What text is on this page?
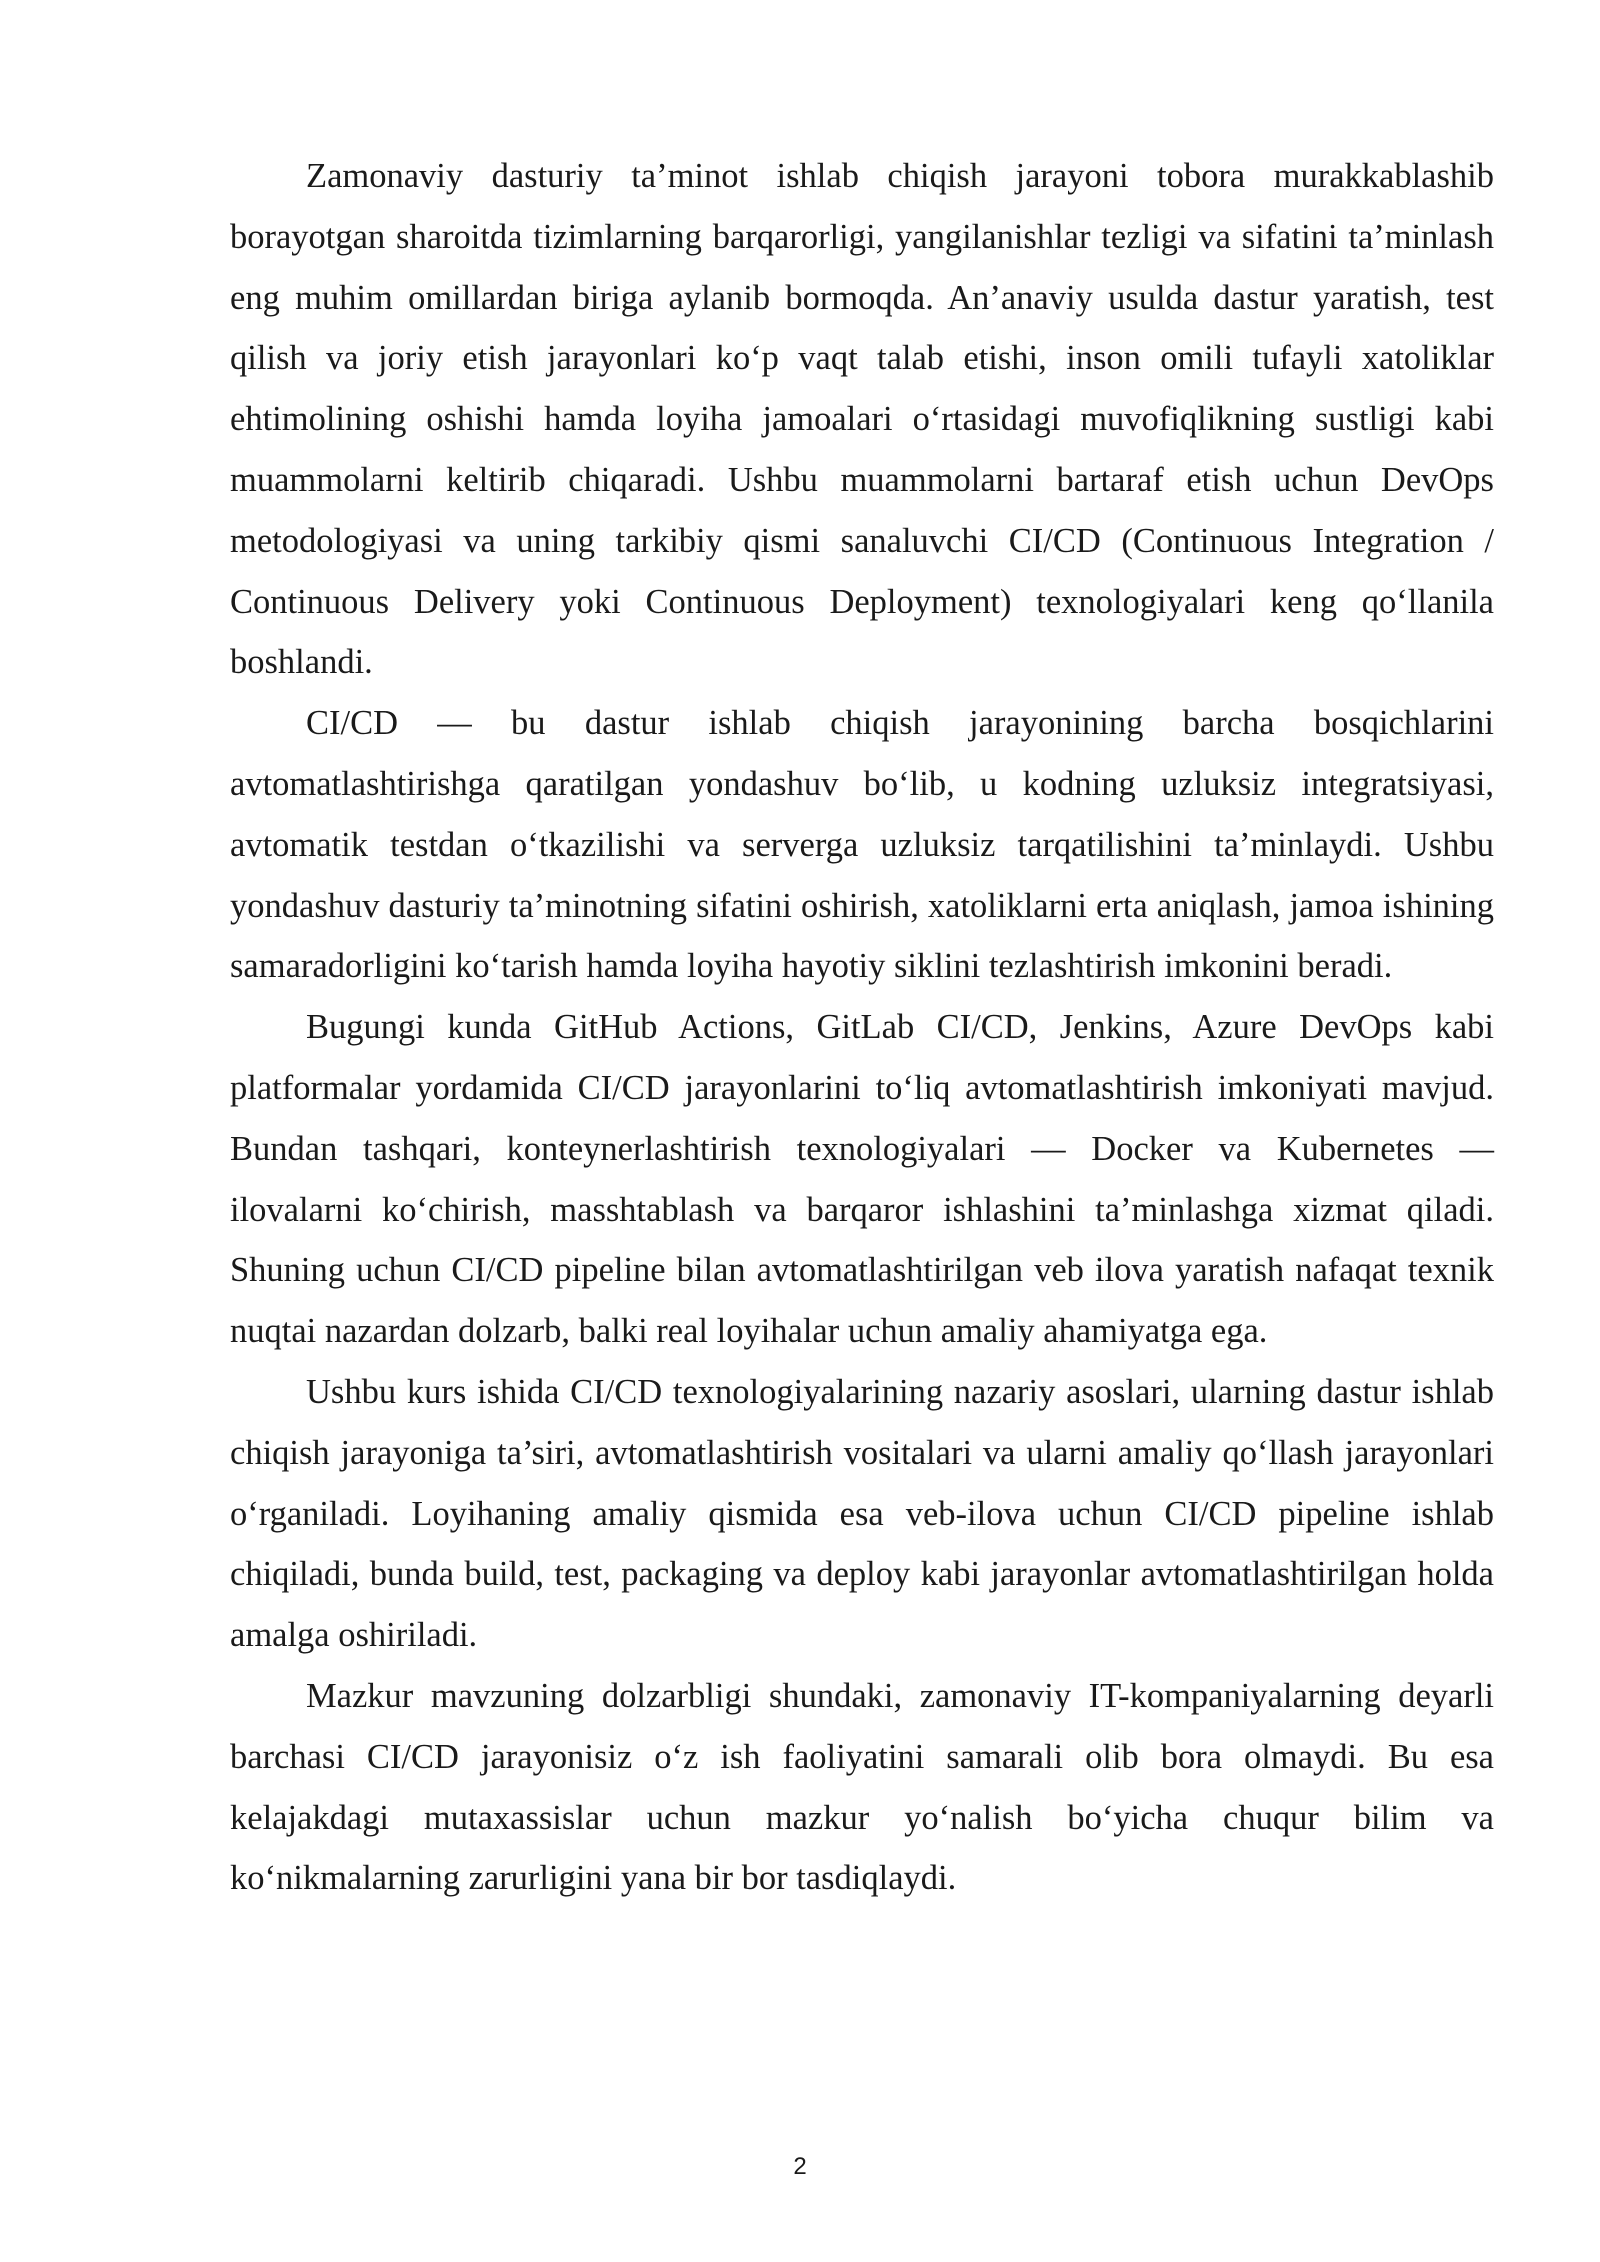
Zamonaviy dasturiy ta’minot ishlab chiqish jarayoni tobora murakkablashib borayotgan sharoitda tizimlarning barqarorligi, yangilanishlar tezligi va sifatini ta’minlash eng muhim omillardan biriga aylanib bormoqda. An’anaviy usulda dastur yaratish, test qilish va joriy etish jarayonlari ko‘p vaqt talab etishi, inson omili tufayli xatoliklar ehtimolining oshishi hamda loyiha jamoalari o‘rtasidagi muvofiqlikning sustligi kabi muammolarni keltirib chiqaradi. Ushbu muammolarni bartaraf etish uchun DevOps metodologiyasi va uning tarkibiy qismi sanaluvchi CI/CD (Continuous Integration / Continuous Delivery yoki Continuous Deployment) texnologiyalari keng qo‘llanila boshlandi.

CI/CD — bu dastur ishlab chiqish jarayonining barcha bosqichlarini avtomatlashtirishga qaratilgan yondashuv bo‘lib, u kodning uzluksiz integratsiyasi, avtomatik testdan o‘tkazilishi va serverga uzluksiz tarqatilishini ta’minlaydi. Ushbu yondashuv dasturiy ta’minotning sifatini oshirish, xatoliklarni erta aniqlash, jamoa ishining samaradorligini ko‘tarish hamda loyiha hayotiy siklini tezlashtirish imkonini beradi.

Bugungi kunda GitHub Actions, GitLab CI/CD, Jenkins, Azure DevOps kabi platformalar yordamida CI/CD jarayonlarini to‘liq avtomatlashtirish imkoniyati mavjud. Bundan tashqari, konteynerlashtirish texnologiyalari — Docker va Kubernetes — ilovalarni ko‘chirish, masshtablash va barqaror ishlashini ta’minlashga xizmat qiladi. Shuning uchun CI/CD pipeline bilan avtomatlashtirilgan veb ilova yaratish nafaqat texnik nuqtai nazardan dolzarb, balki real loyihalar uchun amaliy ahamiyatga ega.

Ushbu kurs ishida CI/CD texnologiyalarining nazariy asoslari, ularning dastur ishlab chiqish jarayoniga ta’siri, avtomatlashtirish vositalari va ularni amaliy qo‘llash jarayonlari o‘rganiladi. Loyihaning amaliy qismida esa veb-ilova uchun CI/CD pipeline ishlab chiqiladi, bunda build, test, packaging va deploy kabi jarayonlar avtomatlashtirilgan holda amalga oshiriladi.

Mazkur mavzuning dolzarbligi shundaki, zamonaviy IT-kompaniyalarning deyarli barchasi CI/CD jarayonisiz o‘z ish faoliyatini samarali olib bora olmaydi. Bu esa kelajakdagi mutaxassislar uchun mazkur yo‘nalish bo‘yicha chuqur bilim va ko‘nikmalarning zarurligini yana bir bor tasdiqlaydi.

2
